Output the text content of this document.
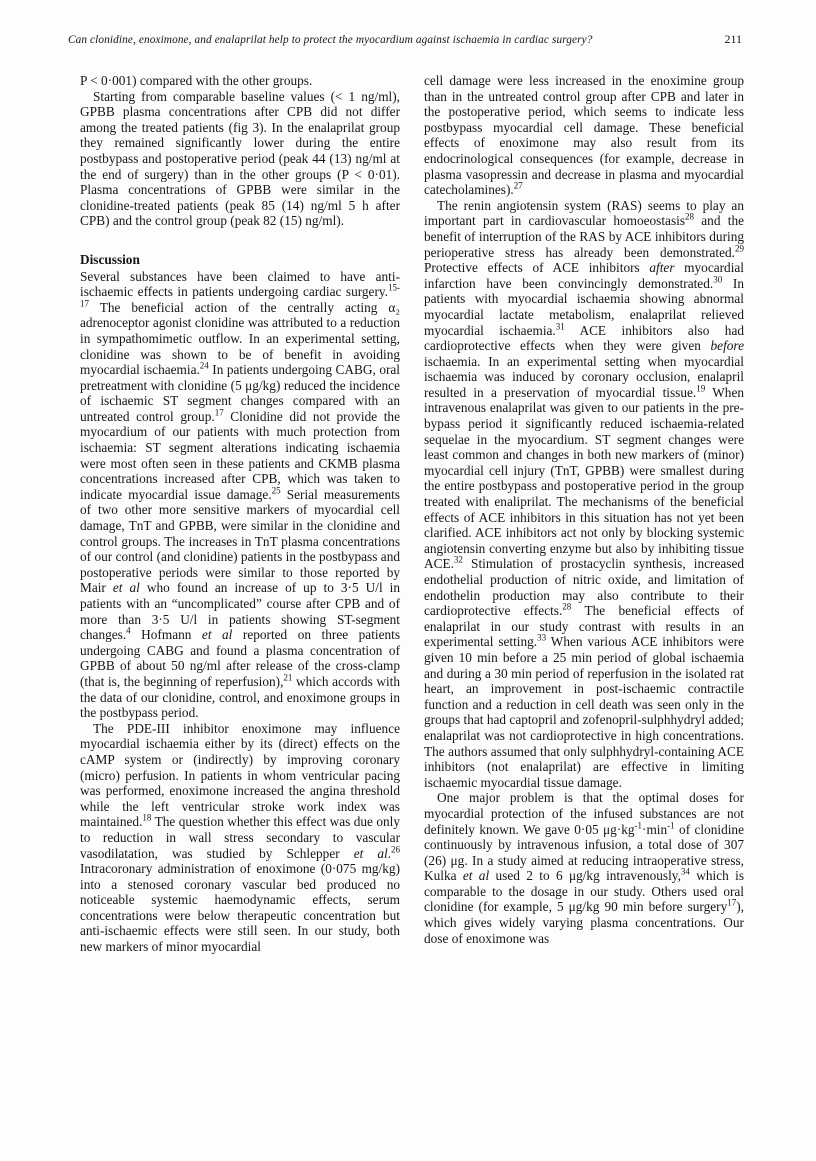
Can clonidine, enoximone, and enalaprilat help to protect the myocardium against ischaemia in cardiac surgery?	211

P < 0·001) compared with the other groups.

Starting from comparable baseline values (< 1 ng/ml), GPBB plasma concentrations after CPB did not differ among the treated patients (fig 3). In the enalaprilat group they remained significantly lower during the entire postbypass and postoperative period (peak 44 (13) ng/ml at the end of surgery) than in the other groups (P < 0·01). Plasma concentrations of GPBB were similar in the clonidine-treated patients (peak 85 (14) ng/ml 5 h after CPB) and the control group (peak 82 (15) ng/ml).

Discussion

Several substances have been claimed to have anti-ischaemic effects in patients undergoing cardiac surgery.$^{15-17}$ The beneficial action of the centrally acting α₂ adrenoceptor agonist clonidine was attributed to a reduction in sympathomimetic outflow. In an experimental setting, clonidine was shown to be of benefit in avoiding myocardial ischaemia.$^{24}$ In patients undergoing CABG, oral pretreatment with clonidine (5 μg/kg) reduced the incidence of ischaemic ST segment changes compared with an untreated control group.$^{17}$ Clonidine did not provide the myocardium of our patients with much protection from ischaemia: ST segment alterations indicating ischaemia were most often seen in these patients and CKMB plasma concentrations increased after CPB, which was taken to indicate myocardial issue damage.$^{25}$ Serial measurements of two other more sensitive markers of myocardial cell damage, TnT and GPBB, were similar in the clonidine and control groups. The increases in TnT plasma concentrations of our control (and clonidine) patients in the postbypass and postoperative periods were similar to those reported by Mair et al who found an increase of up to 3·5 U/l in patients with an “uncomplicated” course after CPB and of more than 3·5 U/l in patients showing ST-segment changes.$^4$ Hofmann et al reported on three patients undergoing CABG and found a plasma concentration of GPBB of about 50 ng/ml after release of the cross-clamp (that is, the beginning of reperfusion),$^{21}$ which accords with the data of our clonidine, control, and enoximone groups in the postbypass period.

The PDE-III inhibitor enoximone may influence myocardial ischaemia either by its (direct) effects on the cAMP system or (indirectly) by improving coronary (micro) perfusion. In patients in whom ventricular pacing was performed, enoximone increased the angina threshold while the left ventricular stroke work index was maintained.$^{18}$ The question whether this effect was due only to reduction in wall stress secondary to vascular vasodilatation, was studied by Schlepper et al.$^{26}$ Intracoronary administration of enoximone (0·075 mg/kg) into a stenosed coronary vascular bed produced no noticeable systemic haemodynamic effects, serum concentrations were below therapeutic concentration but anti-ischaemic effects were still seen. In our study, both new markers of minor myocardial

cell damage were less increased in the enoximine group than in the untreated control group after CPB and later in the postoperative period, which seems to indicate less postbypass myocardial cell damage. These beneficial effects of enoximone may also result from its endocrinological consequences (for example, decrease in plasma vasopressin and decrease in plasma and myocardial catecholamines).$^{27}$

The renin angiotensin system (RAS) seems to play an important part in cardiovascular homoeostasis$^{28}$ and the benefit of interruption of the RAS by ACE inhibitors during perioperative stress has already been demonstrated.$^{29}$ Protective effects of ACE inhibitors after myocardial infarction have been convincingly demonstrated.$^{30}$ In patients with myocardial ischaemia showing abnormal myocardial lactate metabolism, enalaprilat relieved myocardial ischaemia.$^{31}$ ACE inhibitors also had cardioprotective effects when they were given before ischaemia. In an experimental setting when myocardial ischaemia was induced by coronary occlusion, enalapril resulted in a preservation of myocardial tissue.$^{19}$ When intravenous enalaprilat was given to our patients in the pre-bypass period it significantly reduced ischaemia-related sequelae in the myocardium. ST segment changes were least common and changes in both new markers of (minor) myocardial cell injury (TnT, GPBB) were smallest during the entire postbypass and postoperative period in the group treated with enaliprilat. The mechanisms of the beneficial effects of ACE inhibitors in this situation has not yet been clarified. ACE inhibitors act not only by blocking systemic angiotensin converting enzyme but also by inhibiting tissue ACE.$^{32}$ Stimulation of prostacyclin synthesis, increased endothelial production of nitric oxide, and limitation of endothelin production may also contribute to their cardioprotective effects.$^{28}$ The beneficial effects of enalaprilat in our study contrast with results in an experimental setting.$^{33}$ When various ACE inhibitors were given 10 min before a 25 min period of global ischaemia and during a 30 min period of reperfusion in the isolated rat heart, an improvement in post-ischaemic contractile function and a reduction in cell death was seen only in the groups that had captopril and zofenopril-sulphhydryl added; enalaprilat was not cardioprotective in high concentrations. The authors assumed that only sulphhydryl-containing ACE inhibitors (not enalaprilat) are effective in limiting ischaemic myocardial tissue damage.

One major problem is that the optimal doses for myocardial protection of the infused substances are not definitely known. We gave 0·05 $\mu g\cdot kg^{-1}\cdot\min^{-1}$ of clonidine continuously by intravenous infusion, a total dose of 307 (26) μg. In a study aimed at reducing intraoperative stress, Kulka et al used 2 to 6 μg/kg intravenously,$^{34}$ which is comparable to the dosage in our study. Others used oral clonidine (for example, 5 μg/kg 90 min before surgery$^{17}$), which gives widely varying plasma concentrations. Our dose of enoximone was
